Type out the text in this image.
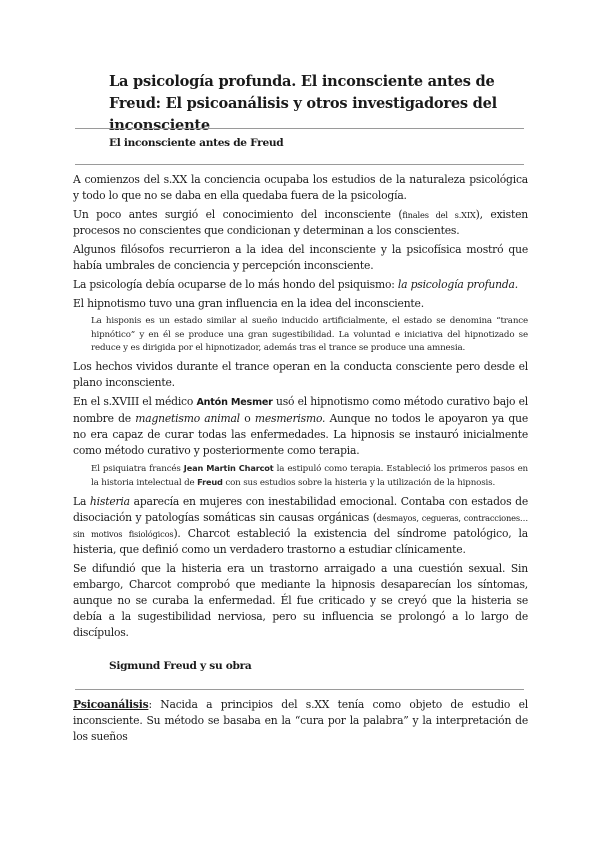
La psicología profunda. El inconsciente antes de Freud: El psicoanálisis y otros investigadores del inconsciente
El inconsciente antes de Freud

A comienzos del s.XX la conciencia ocupaba los estudios de la naturaleza psicológica y todo lo que no se daba en ella quedaba fuera de la psicología.

Un poco antes surgió el conocimiento del inconsciente (finales del s.XIX), existen procesos no conscientes que condicionan y determinan a los conscientes.

Algunos filósofos recurrieron a la idea del inconsciente y la psicofísica mostró que había umbrales de conciencia y percepción inconsciente.

La psicología debía ocuparse de lo más hondo del psiquismo: la psicología profunda.

El hipnotismo tuvo una gran influencia en la idea del inconsciente.

La hisponis es un estado similar al sueño inducido artificialmente, el estado se denomina “trance hipnótico” y en él se produce una gran sugestibilidad. La voluntad e iniciativa del hipnotizado se reduce y es dirigida por el hipnotizador, además tras el trance se produce una amnesia.

Los hechos vividos durante el trance operan en la conducta consciente pero desde el plano inconsciente.

En el s.XVIII el médico Antón Mesmer usó el hipnotismo como método curativo bajo el nombre de magnetismo animal o mesmerismo. Aunque no todos le apoyaron ya que no era capaz de curar todas las enfermedades. La hipnosis se instauró inicialmente como método curativo y posteriormente como terapia.

El psiquiatra francés Jean Martin Charcot la estipuló como terapia. Estableció los primeros pasos en la historia intelectual de Freud con sus estudios sobre la histeria y la utilización de la hipnosis.

La histeria aparecía en mujeres con inestabilidad emocional. Contaba con estados de disociación y patologías somáticas sin causas orgánicas (desmayos, cegueras, contracciones… sin motivos fisiológicos). Charcot estableció la existencia del síndrome patológico, la histeria, que definió como un verdadero trastorno a estudiar clínicamente.

Se difundió que la histeria era un trastorno arraigado a una cuestión sexual. Sin embargo, Charcot comprobó que mediante la hipnosis desaparecían los síntomas, aunque no se curaba la enfermedad. Él fue criticado y se creyó que la histeria se debía a la sugestibilidad nerviosa, pero su influencia se prolongó a lo largo de discípulos.

Sigmund Freud y su obra

Psicoanálisis: Nacida a principios del s.XX tenía como objeto de estudio el inconsciente. Su método se basaba en la “cura por la palabra” y la interpretación de los sueños
